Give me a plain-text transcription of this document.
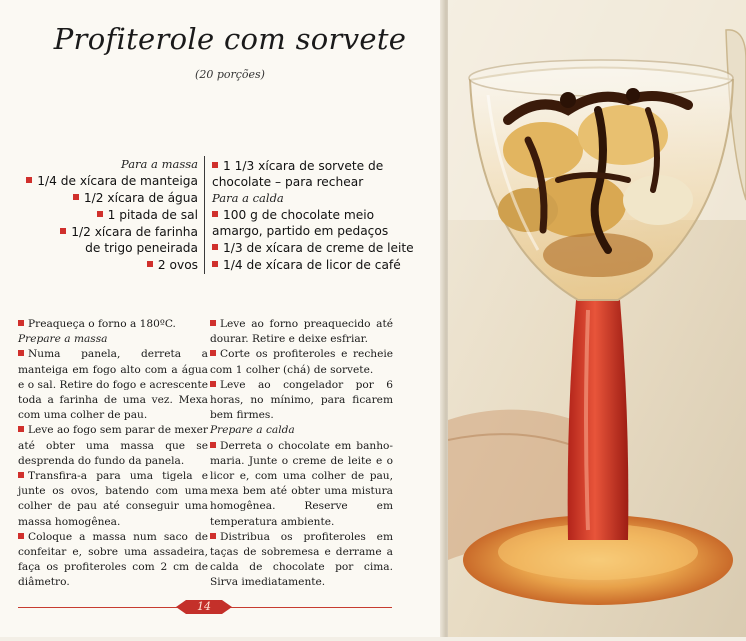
Profiterole com sorvete
(20 porções)
Para a massa
1/4 de xícara de manteiga
1/2 xícara de água
1 pitada de sal
1/2 xícara de farinha
de trigo peneirada
2 ovos
1 1/3 xícara de sorvete de
chocolate – para rechear
Para a calda
100 g de chocolate meio
amargo, partido em pedaços
1/3 de xícara de creme de leite
1/4 de xícara de licor de café
Preaqueça o forno a 180ºC.
Prepare a massa
Numa panela, derreta a manteiga em fogo alto com a água e o sal. Retire do fogo e acrescente toda a farinha de uma vez. Mexa com uma colher de pau.
Leve ao fogo sem parar de mexer até obter uma massa que se desprenda do fundo da panela.
Transfira-a para uma tigela e junte os ovos, batendo com uma colher de pau até conseguir uma massa homogênea.
Coloque a massa num saco de confeitar e, sobre uma assadeira, faça os profiteroles com 2 cm de diâmetro.
Leve ao forno preaquecido até dourar. Retire e deixe esfriar.
Corte os profiteroles e recheie com 1 colher (chá) de sorvete.
Leve ao congelador por 6 horas, no mínimo, para ficarem bem firmes.
Prepare a calda
Derreta o chocolate em banho-maria. Junte o creme de leite e o licor e, com uma colher de pau, mexa bem até obter uma mistura homogênea. Reserve em temperatura ambiente.
Distribua os profiteroles em taças de sobremesa e derrame a calda de chocolate por cima. Sirva imediatamente.
14
